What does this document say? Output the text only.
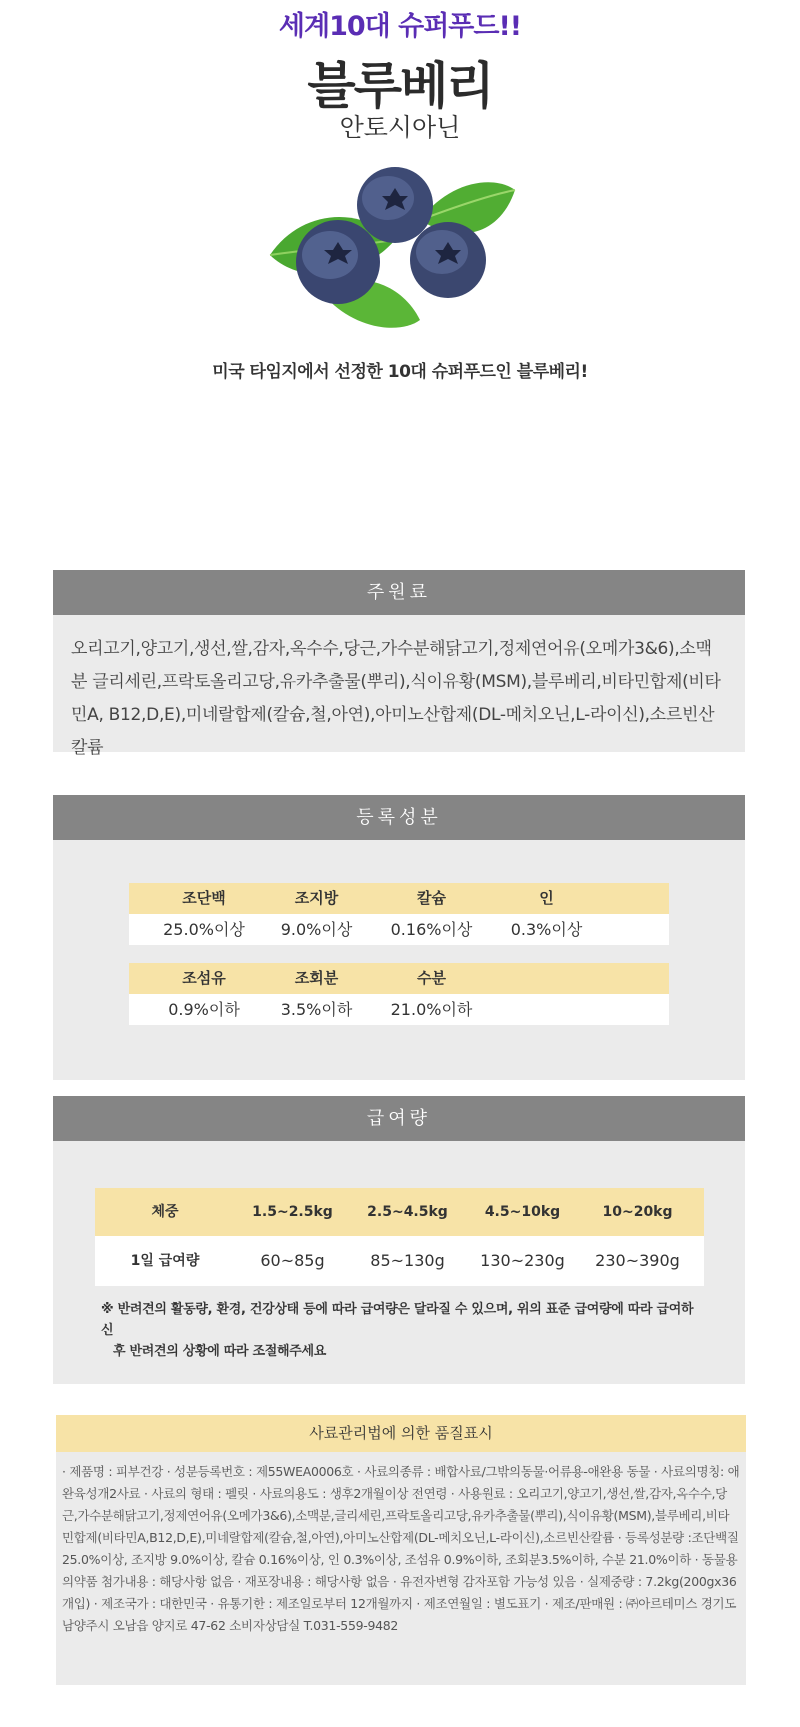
세계10대 슈퍼푸드!!
블루베리
안토시아닌
미국 타임지에서 선정한 10대 슈퍼푸드인 블루베리!
주원료
오리고기,양고기,생선,쌀,감자,옥수수,당근,가수분해닭고기,정제연어유(오메가3&6),소맥분 글리세린,프락토올리고당,유카추출물(뿌리),식이유황(MSM),블루베리,비타민합제(비타민A, B12,D,E),미네랄합제(칼슘,철,아연),아미노산합제(DL-메치오닌,L-라이신),소르빈산칼륨
등록성분
조단백	조지방	칼슘	인
25.0%이상	9.0%이상	0.16%이상	0.3%이상
조섬유	조회분	수분
0.9%이하	3.5%이하	21.0%이하
급여량
체중	1.5~2.5kg	2.5~4.5kg	4.5~10kg	10~20kg
1일 급여량	60~85g	85~130g	130~230g	230~390g
※ 반려견의 활동량, 환경, 건강상태 등에 따라 급여량은 달라질 수 있으며, 위의 표준 급여량에 따라 급여하신
후 반려견의 상황에 따라 조절해주세요
사료관리법에 의한 품질표시
· 제품명 : 피부건강 · 성분등록번호 : 제55WEA0006호 · 사료의종류 : 배합사료/그밖의동물·어류용-애완용 동물 · 사료의명칭: 애완육성개2사료 · 사료의 형태 : 펠릿 · 사료의용도 : 생후2개월이상 전연령 · 사용원료 : 오리고기,양고기,생선,쌀,감자,옥수수,당근,가수분해닭고기,정제연어유(오메가3&6),소맥분,글리세린,프락토올리고당,유카추출물(뿌리),식이유황(MSM),블루베리,비타민합제(비타민A,B12,D,E),미네랄합제(칼슘,철,아연),아미노산합제(DL-메치오닌,L-라이신),소르빈산칼륨 · 등록성분량 :조단백질 25.0%이상, 조지방 9.0%이상, 칼슘 0.16%이상, 인 0.3%이상, 조섬유 0.9%이하, 조회분3.5%이하, 수분 21.0%이하 · 동물용 의약품 첨가내용 : 해당사항 없음 · 재포장내용 : 해당사항 없음 · 유전자변형 감자포함 가능성 있음 · 실제중량 : 7.2kg(200gx36개입) · 제조국가 : 대한민국 · 유통기한 : 제조일로부터 12개월까지 · 제조연월일 : 별도표기 · 제조/판매원 : ㈜아르테미스 경기도 남양주시 오남읍 양지로 47-62 소비자상담실 T.031-559-9482
